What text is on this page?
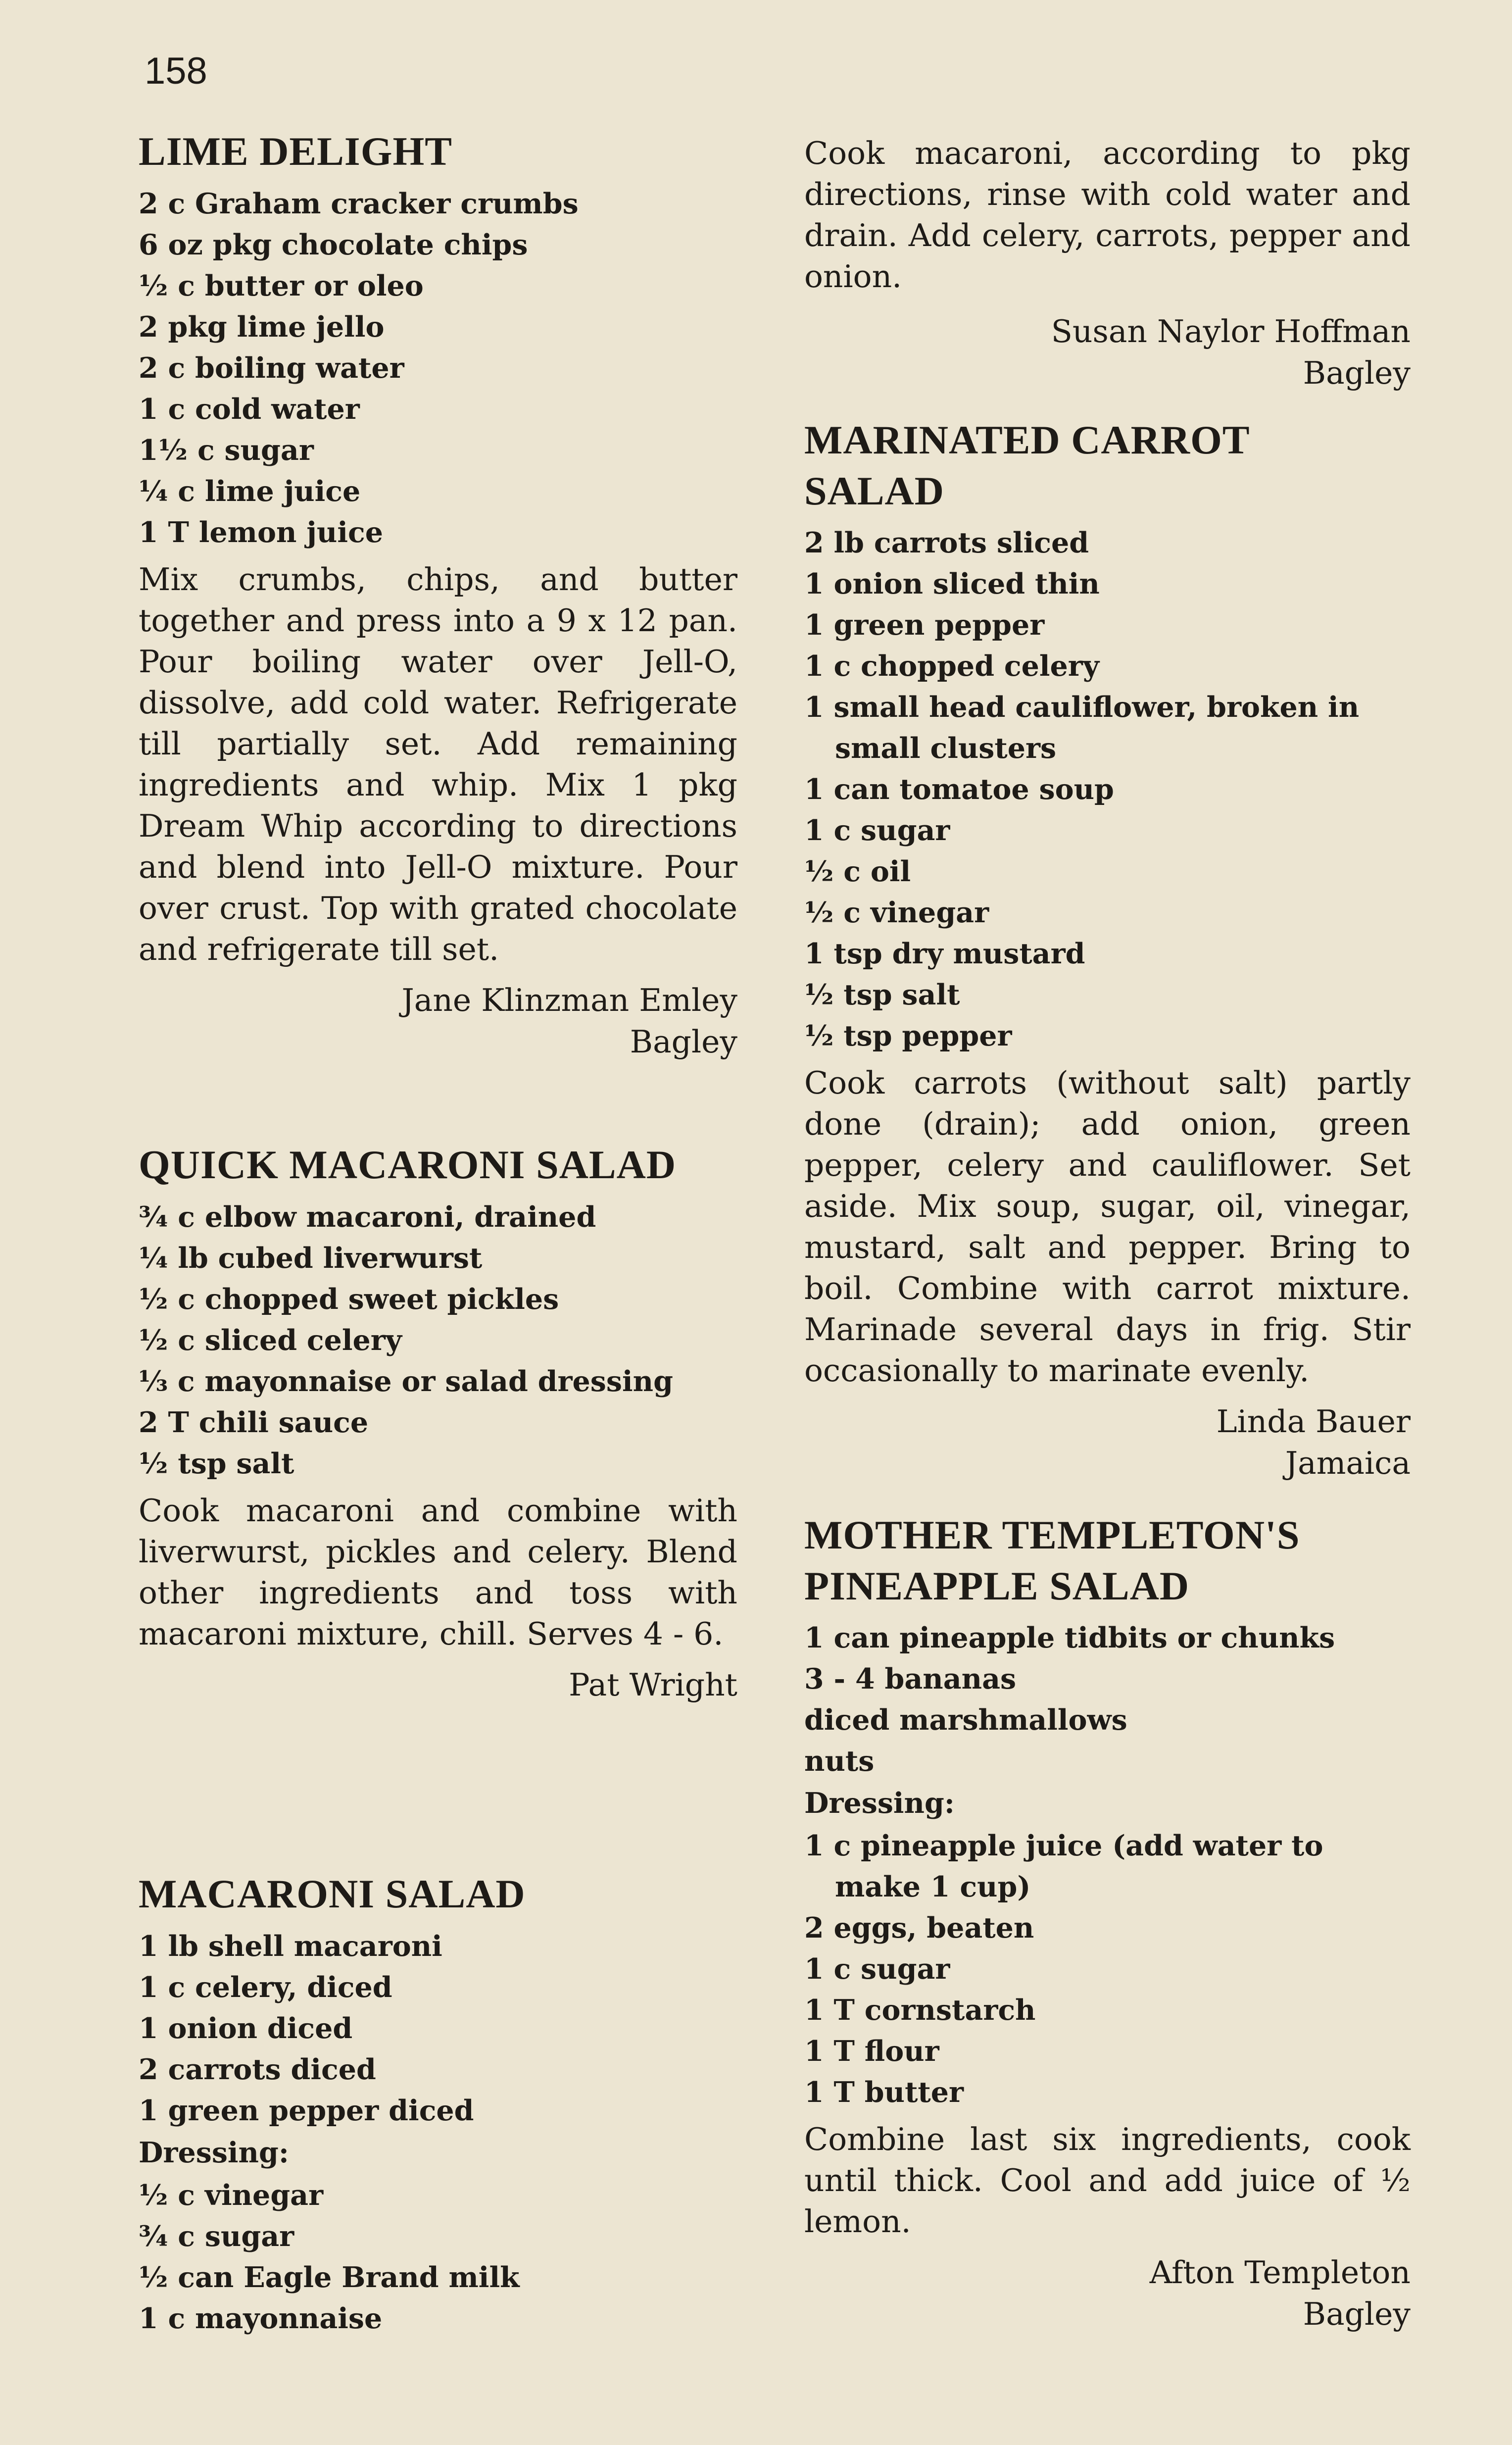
158
LIME DELIGHT
2 c Graham cracker crumbs
6 oz pkg chocolate chips
½ c butter or oleo
2 pkg lime jello
2 c boiling water
1 c cold water
1½ c sugar
¼ c lime juice
1 T lemon juice
Mix crumbs, chips, and butter together and press into a 9 x 12 pan. Pour boiling water over Jell-O, dissolve, add cold water. Refrigerate till partially set. Add remaining ingredients and whip. Mix 1 pkg Dream Whip according to directions and blend into Jell-O mixture. Pour over crust. Top with grated chocolate and refrigerate till set.
Jane Klinzman Emley
Bagley
QUICK MACARONI SALAD
¾ c elbow macaroni, drained
¼ lb cubed liverwurst
½ c chopped sweet pickles
½ c sliced celery
⅓ c mayonnaise or salad dressing
2 T chili sauce
½ tsp salt
Cook macaroni and combine with liverwurst, pickles and celery. Blend other ingredients and toss with macaroni mixture, chill. Serves 4 - 6.
Pat Wright
MACARONI SALAD
1 lb shell macaroni
1 c celery, diced
1 onion diced
2 carrots diced
1 green pepper diced
Dressing:
½ c vinegar
¾ c sugar
½ can Eagle Brand milk
1 c mayonnaise
Cook macaroni, according to pkg directions, rinse with cold water and drain. Add celery, carrots, pepper and onion.
Susan Naylor Hoffman
Bagley
MARINATED CARROT
SALAD
2 lb carrots sliced
1 onion sliced thin
1 green pepper
1 c chopped celery
1 small head cauliflower, broken in
small clusters
1 can tomatoe soup
1 c sugar
½ c oil
½ c vinegar
1 tsp dry mustard
½ tsp salt
½ tsp pepper
Cook carrots (without salt) partly done (drain); add onion, green pepper, celery and cauliflower. Set aside. Mix soup, sugar, oil, vinegar, mustard, salt and pepper. Bring to boil. Combine with carrot mixture. Marinade several days in frig. Stir occasionally to marinate evenly.
Linda Bauer
Jamaica
MOTHER TEMPLETON'S
PINEAPPLE SALAD
1 can pineapple tidbits or chunks
3 - 4 bananas
diced marshmallows
nuts
Dressing:
1 c pineapple juice (add water to
make 1 cup)
2 eggs, beaten
1 c sugar
1 T cornstarch
1 T flour
1 T butter
Combine last six ingredients, cook until thick. Cool and add juice of ½ lemon.
Afton Templeton
Bagley
